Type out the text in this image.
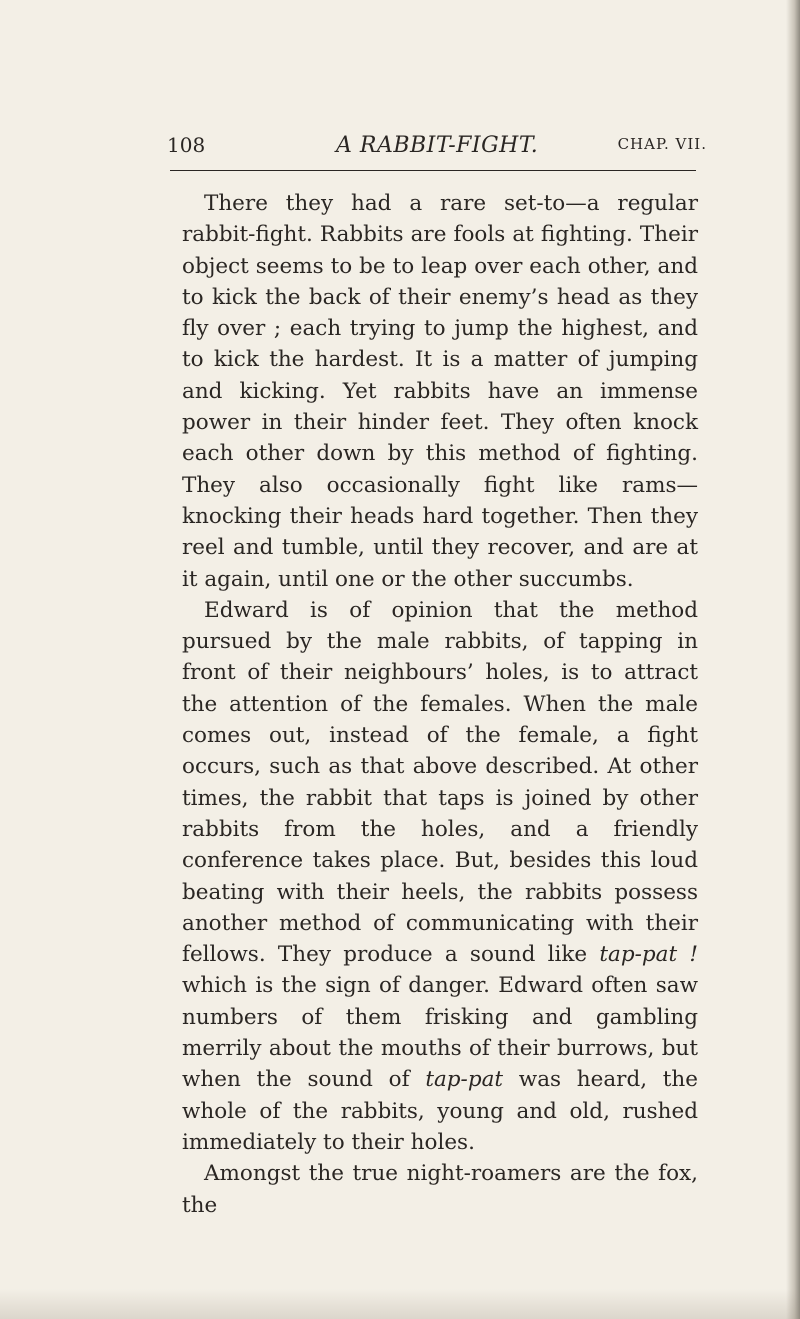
108	A RABBIT-FIGHT.	CHAP. VII.

There they had a rare set-to—a regular rabbit-fight. Rabbits are fools at fighting. Their object seems to be to leap over each other, and to kick the back of their enemy’s head as they fly over ; each trying to jump the highest, and to kick the hardest. It is a matter of jumping and kicking. Yet rabbits have an immense power in their hinder feet. They often knock each other down by this method of fighting. They also occasionally fight like rams—knocking their heads hard together. Then they reel and tumble, until they recover, and are at it again, until one or the other succumbs.

Edward is of opinion that the method pursued by the male rabbits, of tapping in front of their neighbours’ holes, is to attract the attention of the females. When the male comes out, instead of the female, a fight occurs, such as that above described. At other times, the rabbit that taps is joined by other rabbits from the holes, and a friendly conference takes place. But, besides this loud beating with their heels, the rabbits possess another method of communicating with their fellows. They produce a sound like tap-pat ! which is the sign of danger. Edward often saw numbers of them frisking and gambling merrily about the mouths of their burrows, but when the sound of tap-pat was heard, the whole of the rabbits, young and old, rushed immediately to their holes.

Amongst the true night-roamers are the fox, the
